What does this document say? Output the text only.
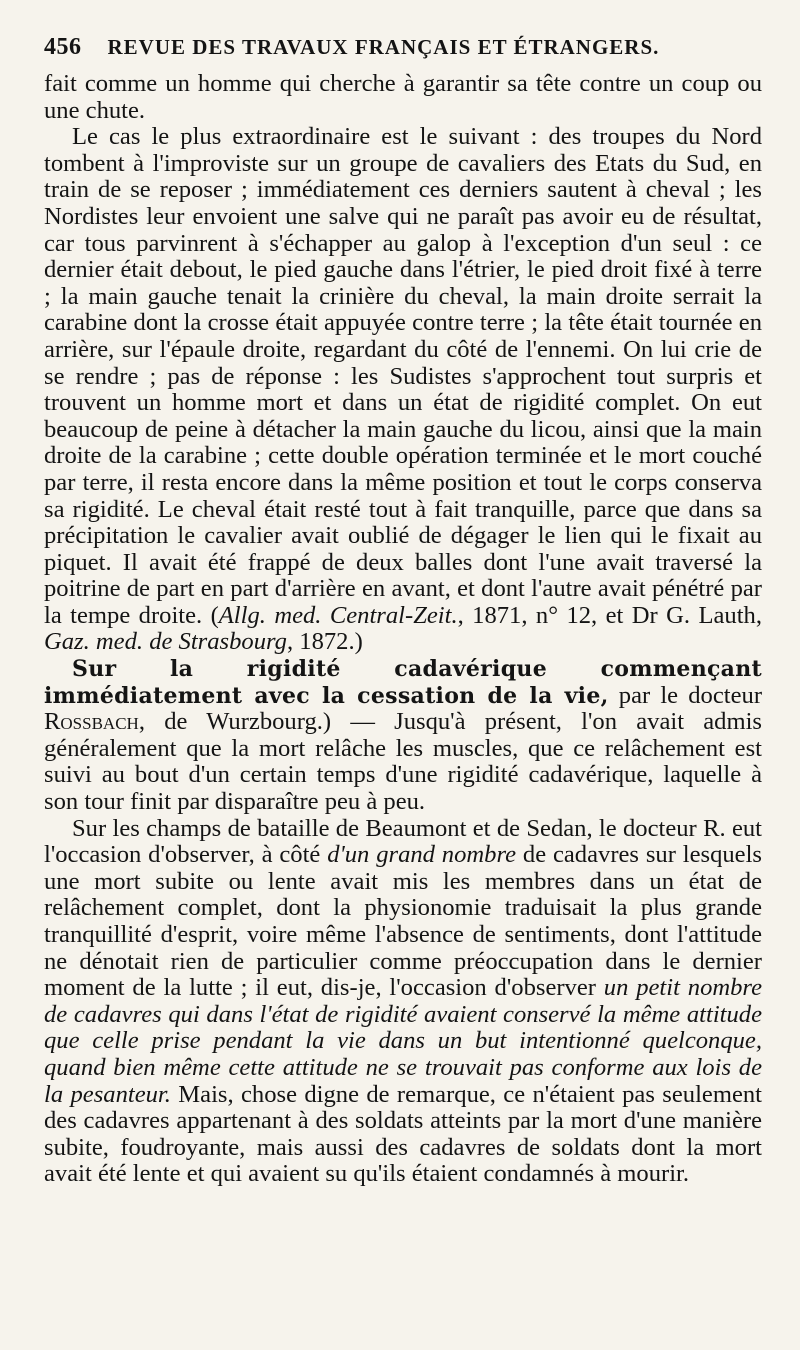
456 REVUE DES TRAVAUX FRANÇAIS ET ÉTRANGERS.

fait comme un homme qui cherche à garantir sa tête contre un coup ou une chute.

Le cas le plus extraordinaire est le suivant : des troupes du Nord tombent à l'improviste sur un groupe de cavaliers des Etats du Sud, en train de se reposer ; immédiatement ces derniers sautent à cheval ; les Nordistes leur envoient une salve qui ne paraît pas avoir eu de résultat, car tous parvinrent à s'échapper au galop à l'exception d'un seul : ce dernier était debout, le pied gauche dans l'étrier, le pied droit fixé à terre ; la main gauche tenait la crinière du cheval, la main droite serrait la carabine dont la crosse était appuyée contre terre ; la tête était tournée en arrière, sur l'épaule droite, regardant du côté de l'ennemi. On lui crie de se rendre ; pas de réponse : les Sudistes s'approchent tout surpris et trouvent un homme mort et dans un état de rigidité complet. On eut beaucoup de peine à détacher la main gauche du licou, ainsi que la main droite de la carabine ; cette double opération terminée et le mort couché par terre, il resta encore dans la même position et tout le corps conserva sa rigidité. Le cheval était resté tout à fait tranquille, parce que dans sa précipitation le cavalier avait oublié de dégager le lien qui le fixait au piquet. Il avait été frappé de deux balles dont l'une avait traversé la poitrine de part en part d'arrière en avant, et dont l'autre avait pénétré par la tempe droite. (Allg. med. Central-Zeit., 1871, n° 12, et Dr G. Lauth, Gaz. med. de Strasbourg, 1872.)

Sur la rigidité cadavérique commençant immédiatement avec la cessation de la vie, par le docteur Rossbach, de Wurzbourg.) — Jusqu'à présent, l'on avait admis généralement que la mort relâche les muscles, que ce relâchement est suivi au bout d'un certain temps d'une rigidité cadavérique, laquelle à son tour finit par disparaître peu à peu.

Sur les champs de bataille de Beaumont et de Sedan, le docteur R. eut l'occasion d'observer, à côté d'un grand nombre de cadavres sur lesquels une mort subite ou lente avait mis les membres dans un état de relâchement complet, dont la physionomie traduisait la plus grande tranquillité d'esprit, voire même l'absence de sentiments, dont l'attitude ne dénotait rien de particulier comme préoccupation dans le dernier moment de la lutte ; il eut, dis-je, l'occasion d'observer un petit nombre de cadavres qui dans l'état de rigidité avaient conservé la même attitude que celle prise pendant la vie dans un but intentionné quelconque, quand bien même cette attitude ne se trouvait pas conforme aux lois de la pesanteur. Mais, chose digne de remarque, ce n'étaient pas seulement des cadavres appartenant à des soldats atteints par la mort d'une manière subite, foudroyante, mais aussi des cadavres de soldats dont la mort avait été lente et qui avaient su qu'ils étaient condamnés à mourir.
